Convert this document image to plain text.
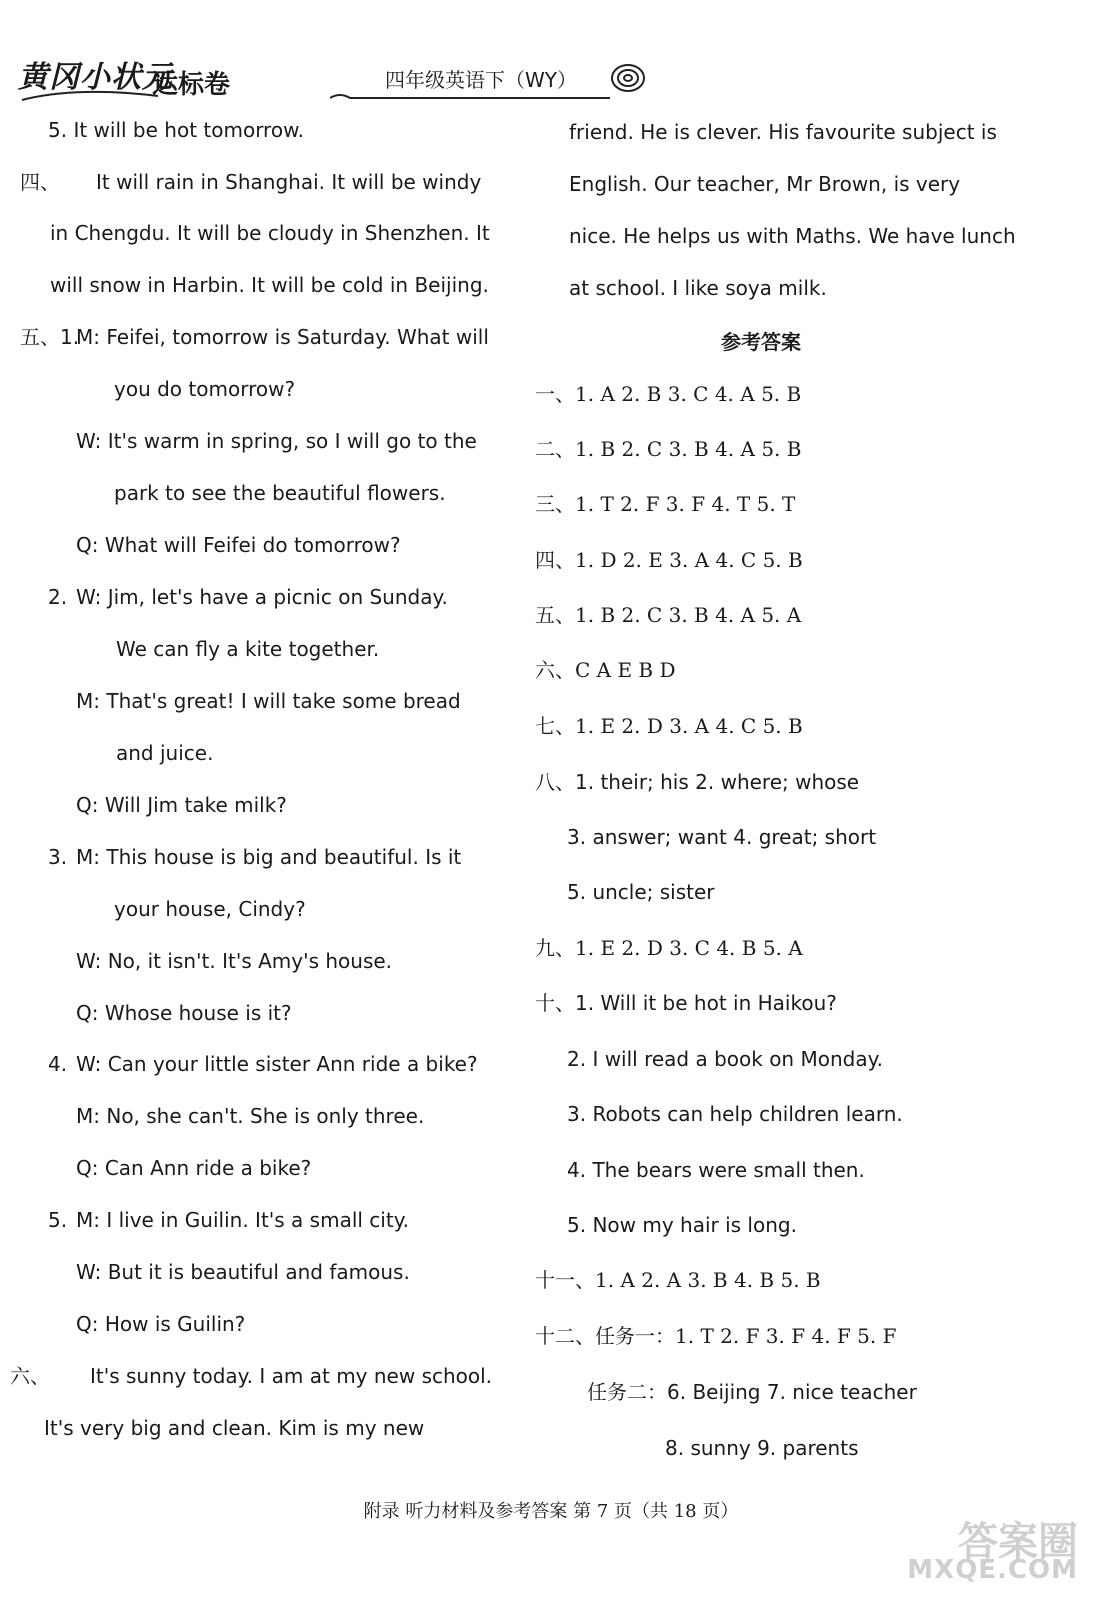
黄冈小状元
达标卷	四年级英语下（WY）
5. It will be hot tomorrow.
四、 It will rain in Shanghai. It will be windy
in Chengdu. It will be cloudy in Shenzhen. It
will snow in Harbin. It will be cold in Beijing.
五、1.
M: Feifei, tomorrow is Saturday. What will
you do tomorrow?
W: It's warm in spring, so I will go to the
park to see the beautiful flowers.
Q: What will Feifei do tomorrow?
2. W: Jim, let's have a picnic on Sunday.
We can fly a kite together.
M: That's great! I will take some bread
and juice.
Q: Will Jim take milk?
3. M: This house is big and beautiful. Is it
your house, Cindy?
W: No, it isn't. It's Amy's house.
Q: Whose house is it?
4. W: Can your little sister Ann ride a bike?
M: No, she can't. She is only three.
Q: Can Ann ride a bike?
5. M: I live in Guilin. It's a small city.
W: But it is beautiful and famous.
Q: How is Guilin?
六、 It's sunny today. I am at my new school.
It's very big and clean. Kim is my new
friend. He is clever. His favourite subject is
English. Our teacher, Mr Brown, is very
nice. He helps us with Maths. We have lunch
at school. I like soya milk.
参考答案
一、1. A 2. B 3. C 4. A 5. B
二、1. B 2. C 3. B 4. A 5. B
三、1. T 2. F 3. F 4. T 5. T
四、1. D 2. E 3. A 4. C 5. B
五、1. B 2. C 3. B 4. A 5. A
六、C A E B D
七、1. E 2. D 3. A 4. C 5. B
八、1. their; his 2. where; whose
3. answer; want 4. great; short
5. uncle; sister
九、1. E 2. D 3. C 4. B 5. A
十、1. Will it be hot in Haikou?
2. I will read a book on Monday.
3. Robots can help children learn.
4. The bears were small then.
5. Now my hair is long.
十一、1. A 2. A 3. B 4. B 5. B
十二、任务一：1. T 2. F 3. F 4. F 5. F
任务二：6. Beijing 7. nice teacher
8. sunny 9. parents
附录 听力材料及参考答案 第 7 页（共 18 页）
答案圈
MXQE.COM
